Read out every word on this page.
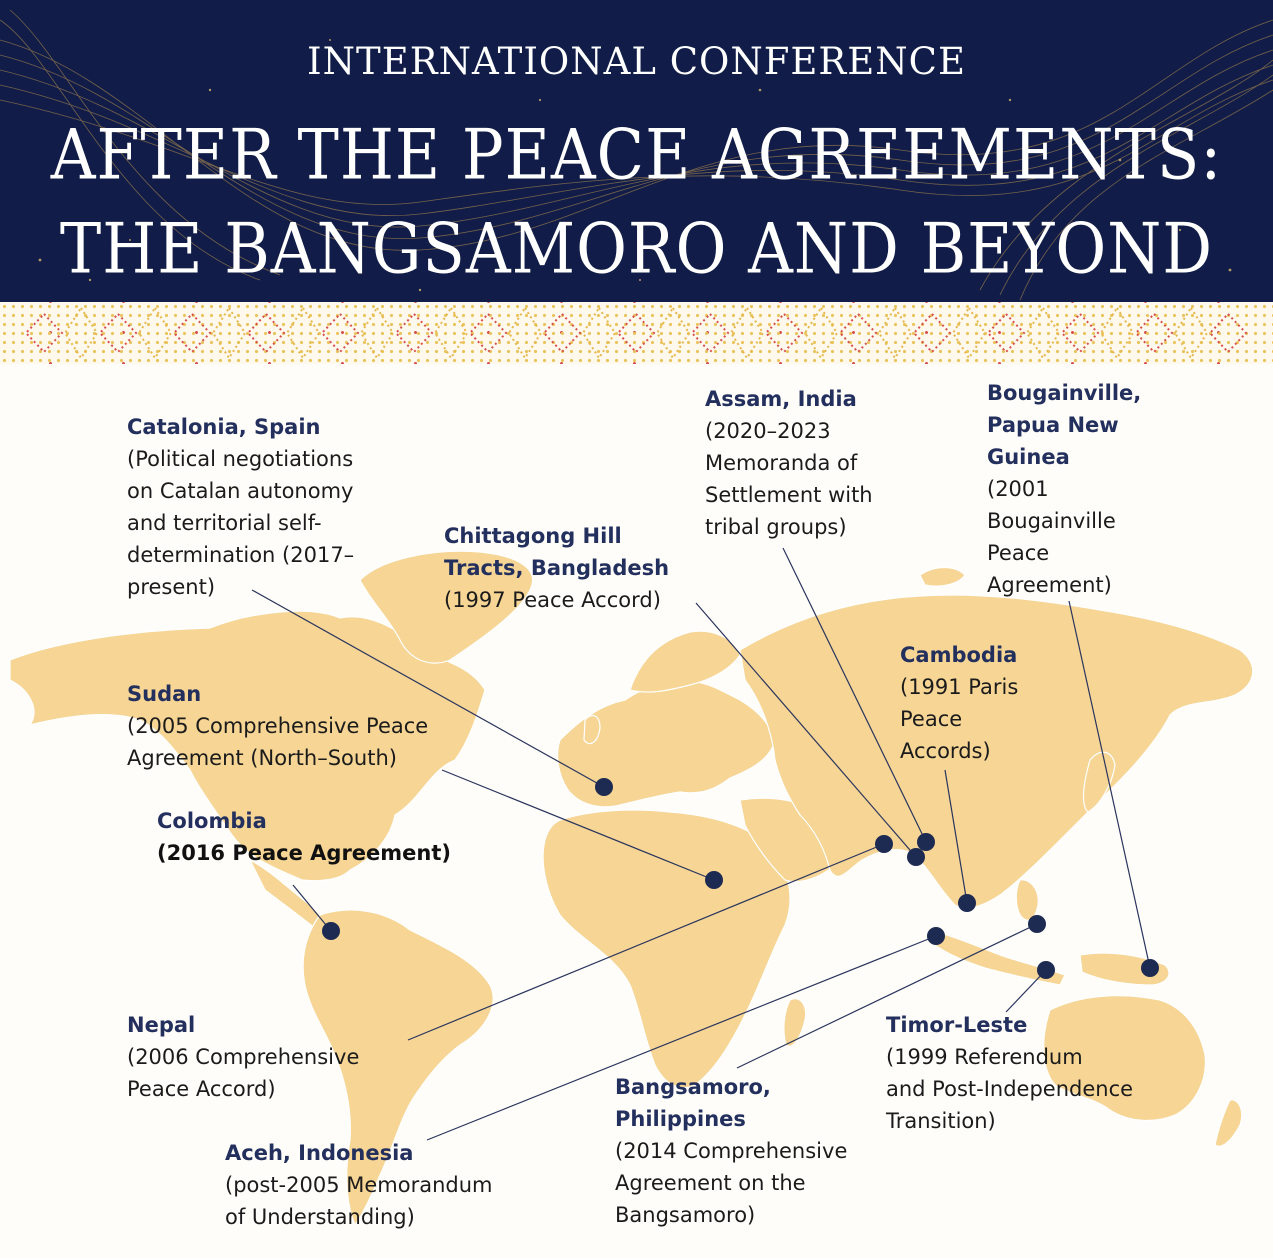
INTERNATIONAL CONFERENCE
AFTER THE PEACE AGREEMENTS:
THE BANGSAMORO AND BEYOND
Catalonia, Spain
(Political negotiations
on Catalan autonomy
and territorial self-
determination (2017–
present)
Chittagong Hill
Tracts, Bangladesh
(1997 Peace Accord)
Assam, India
(2020–2023
Memoranda of
Settlement with
tribal groups)
Bougainville,
Papua New
Guinea
(2001
Bougainville
Peace
Agreement)
Cambodia
(1991 Paris
Peace
Accords)
Sudan
(2005 Comprehensive Peace
Agreement (North–South)
Colombia
(2016 Peace Agreement)
Nepal
(2006 Comprehensive
Peace Accord)
Timor-Leste
(1999 Referendum
and Post-Independence
Transition)
Bangsamoro,
Philippines
(2014 Comprehensive
Agreement on the
Bangsamoro)
Aceh, Indonesia
(post-2005 Memorandum
of Understanding)
